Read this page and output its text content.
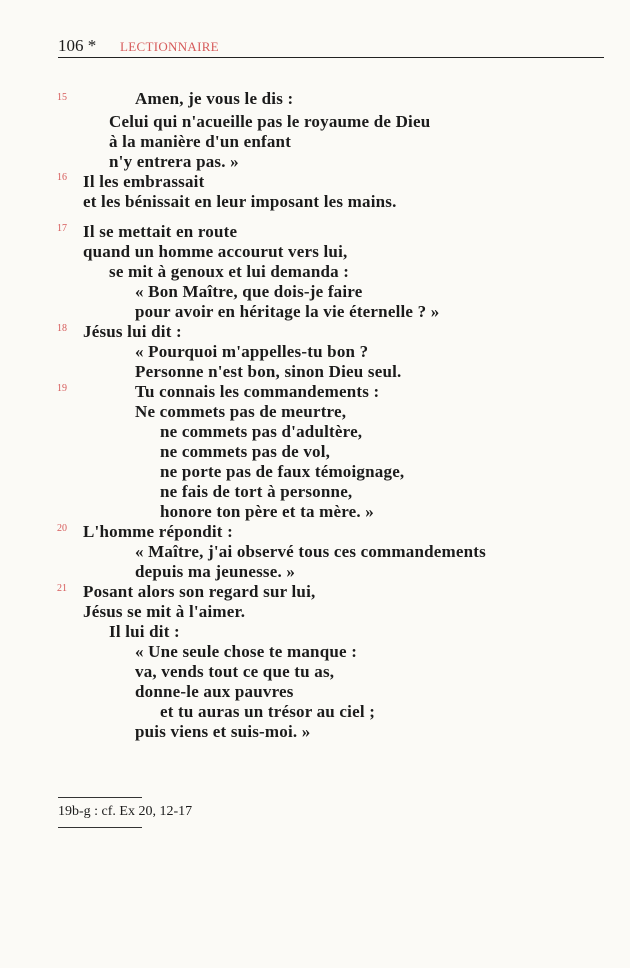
106 * LECTIONNAIRE
15
16
17
18
19
20
21
Amen, je vous le dis :
Celui qui n'acueille pas le royaume de Dieu
à la manière d'un enfant
n'y entrera pas. »
Il les embrassait
et les bénissait en leur imposant les mains.
Il se mettait en route
quand un homme accourut vers lui,
se mit à genoux et lui demanda :
« Bon Maître, que dois-je faire
pour avoir en héritage la vie éternelle ? »
Jésus lui dit :
« Pourquoi m'appelles-tu bon ?
Personne n'est bon, sinon Dieu seul.
Tu connais les commandements :
Ne commets pas de meurtre,
ne commets pas d'adultère,
ne commets pas de vol,
ne porte pas de faux témoignage,
ne fais de tort à personne,
honore ton père et ta mère. »
L'homme répondit :
« Maître, j'ai observé tous ces commandements
depuis ma jeunesse. »
Posant alors son regard sur lui,
Jésus se mit à l'aimer.
Il lui dit :
« Une seule chose te manque :
va, vends tout ce que tu as,
donne-le aux pauvres
et tu auras un trésor au ciel ;
puis viens et suis-moi. »
19b-g : cf. Ex 20, 12-17
